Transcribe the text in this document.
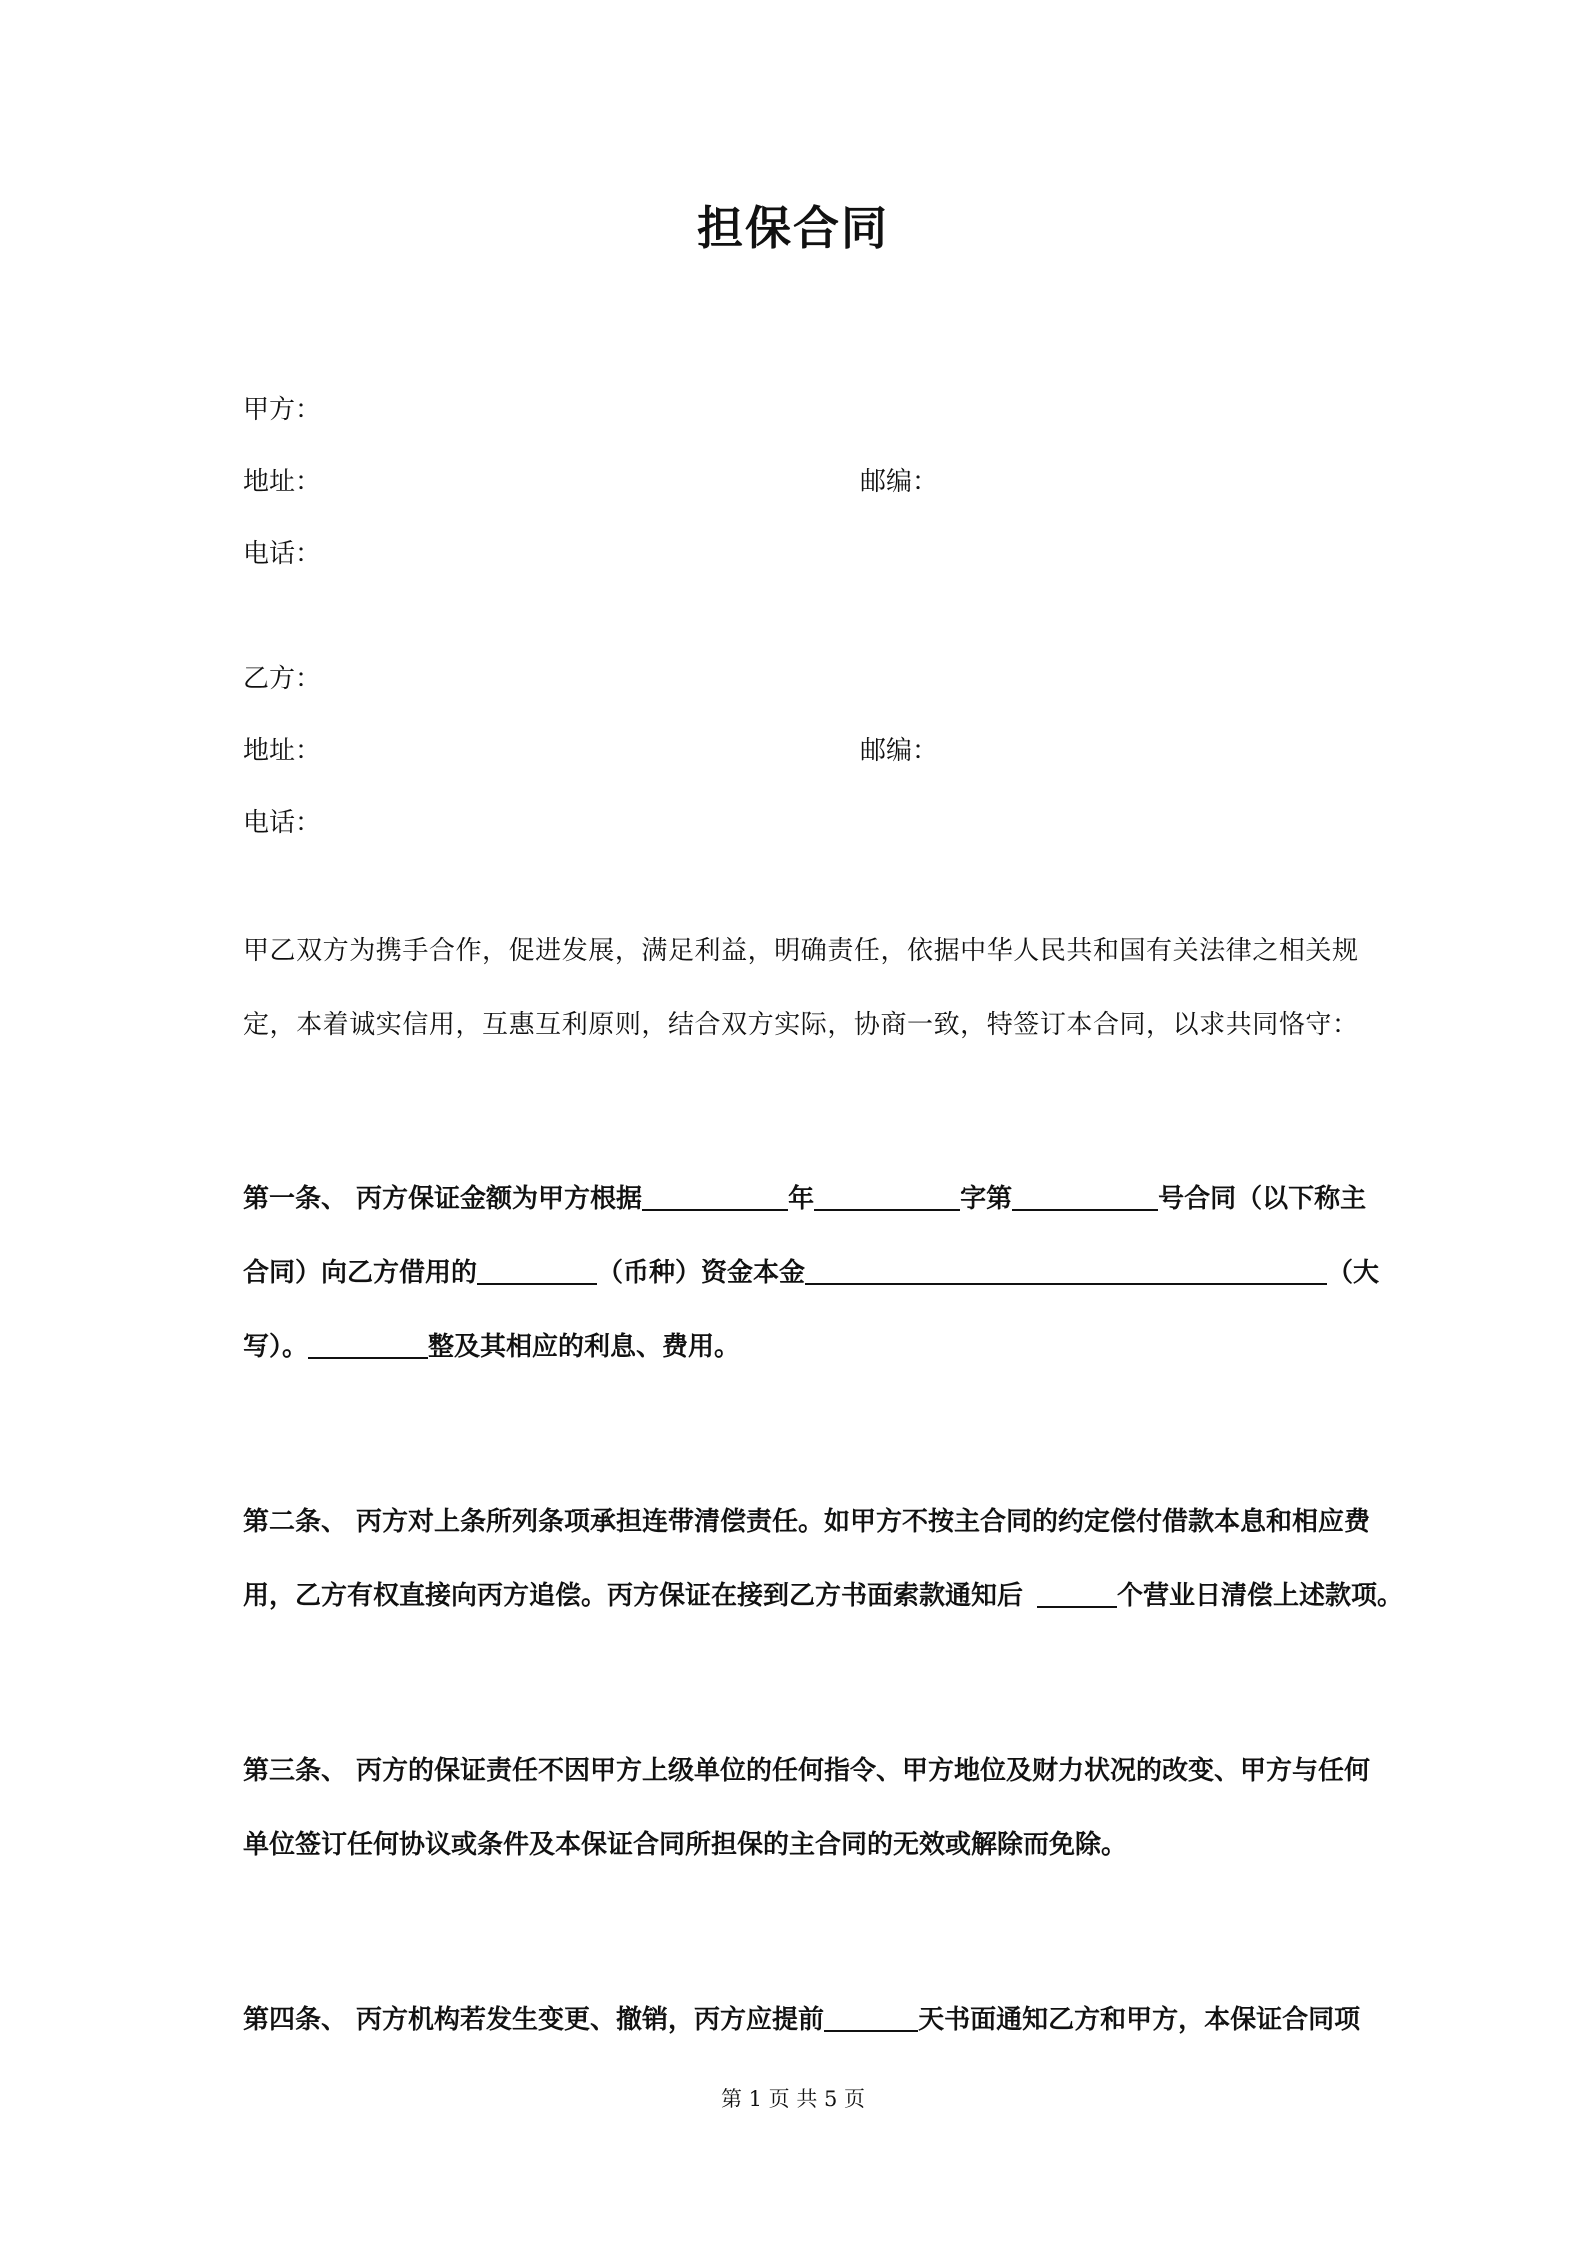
担保合同
甲方：
地址：	邮编：
电话：
乙方：
地址：	邮编：
电话：
甲乙双方为携手合作，促进发展，满足利益，明确责任，依据中华人民共和国有关法律之相关规
定，本着诚实信用，互惠互利原则，结合双方实际，协商一致，特签订本合同，以求共同恪守：
第一条、 丙方保证金额为甲方根据	年	字第	号合同（以下称主
合同）向乙方借用的	（币种）资金本金	（大
写）。	整及其相应的利息、费用。
第二条、 丙方对上条所列条项承担连带清偿责任。如甲方不按主合同的约定偿付借款本息和相应费
用，乙方有权直接向丙方追偿。丙方保证在接到乙方书面索款通知后	个营业日清偿上述款项。
第三条、 丙方的保证责任不因甲方上级单位的任何指令、甲方地位及财力状况的改变、甲方与任何
单位签订任何协议或条件及本保证合同所担保的主合同的无效或解除而免除。
第四条、 丙方机构若发生变更、撤销，丙方应提前	天书面通知乙方和甲方，本保证合同项
第 1 页 共 5 页
